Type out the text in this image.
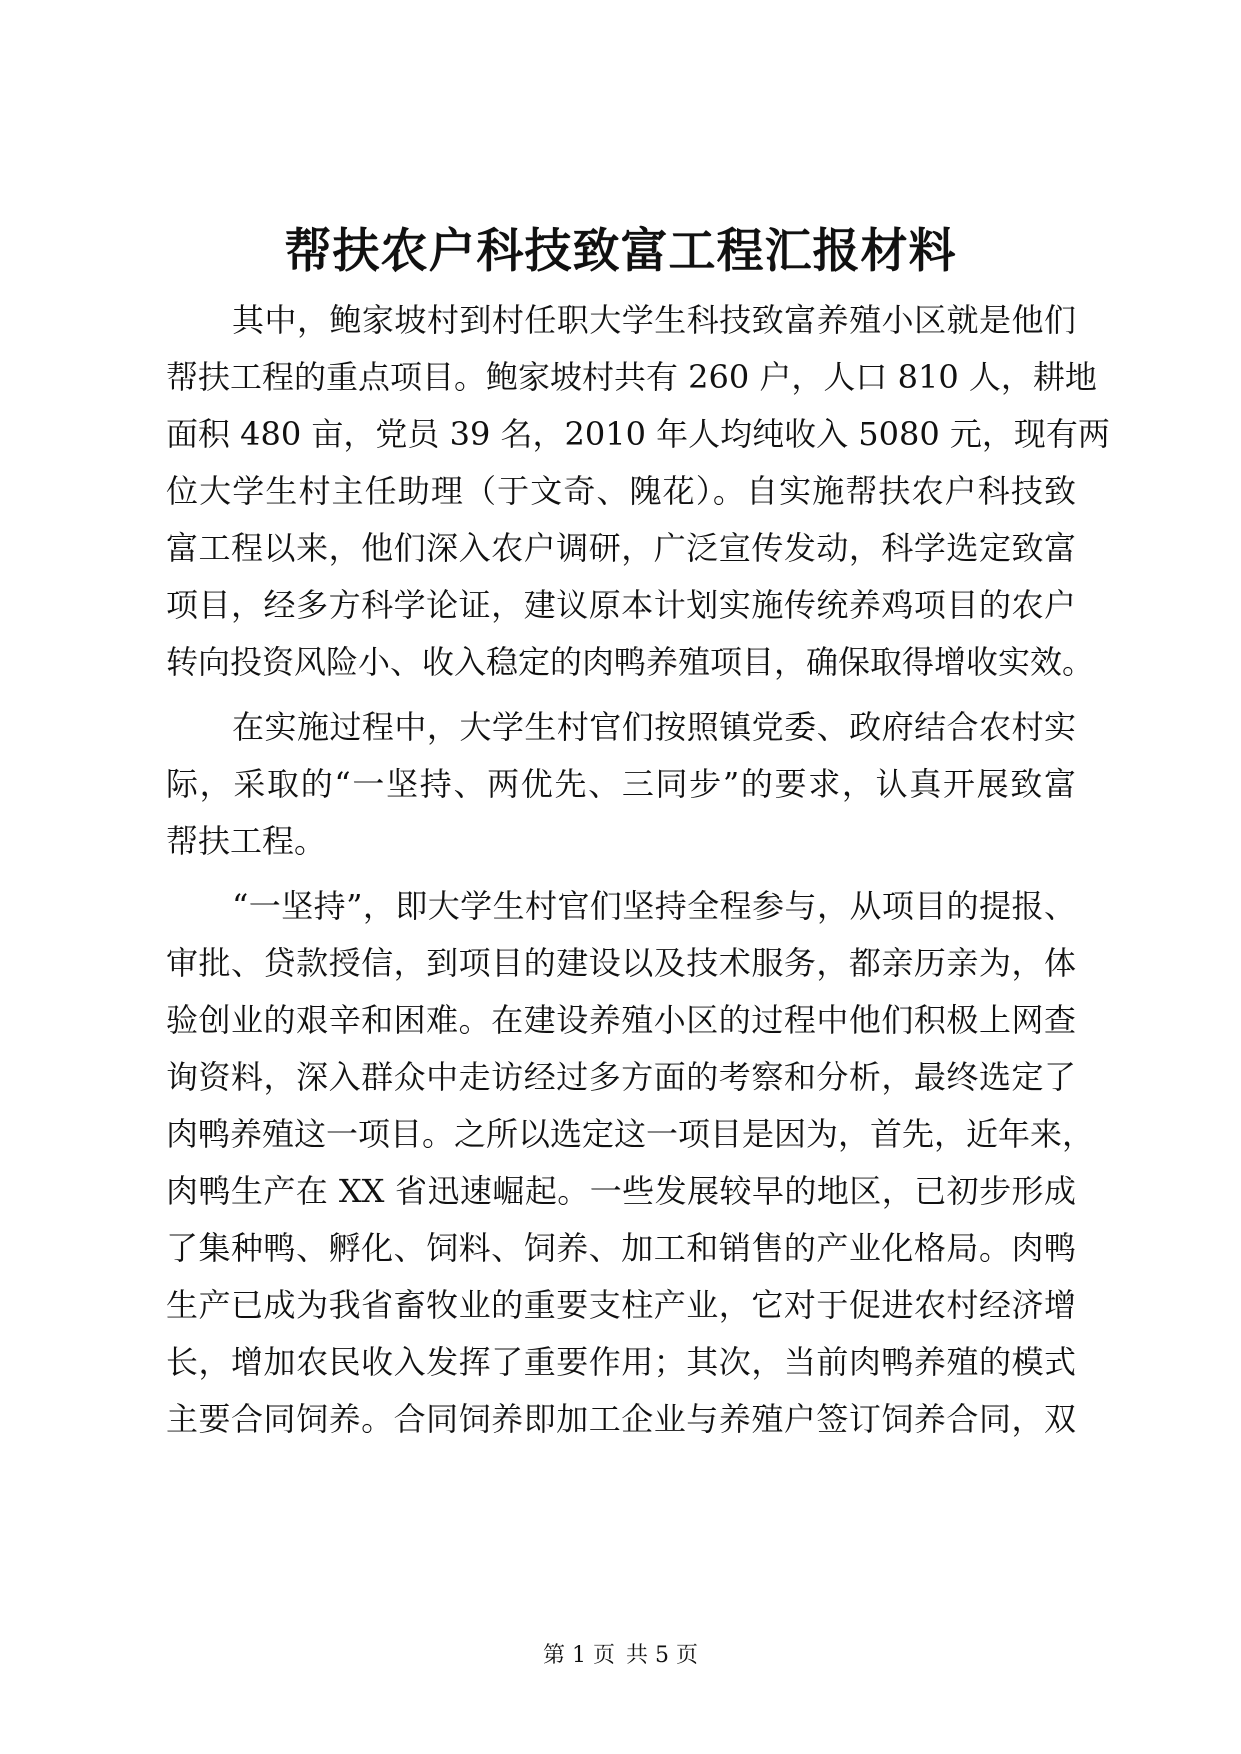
帮扶农户科技致富工程汇报材料
其中，鲍家坡村到村任职大学生科技致富养殖小区就是他们
帮扶工程的重点项目。鲍家坡村共有 260 户，人口 810 人，耕地
面积 480 亩，党员 39 名，2010 年人均纯收入 5080 元，现有两
位大学生村主任助理（于文奇、隗花）。自实施帮扶农户科技致
富工程以来，他们深入农户调研，广泛宣传发动，科学选定致富
项目，经多方科学论证，建议原本计划实施传统养鸡项目的农户
转向投资风险小、收入稳定的肉鸭养殖项目，确保取得增收实效。
在实施过程中，大学生村官们按照镇党委、政府结合农村实
际，采取的“一坚持、两优先、三同步”的要求，认真开展致富
帮扶工程。
“一坚持”，即大学生村官们坚持全程参与，从项目的提报、
审批、贷款授信，到项目的建设以及技术服务，都亲历亲为，体
验创业的艰辛和困难。在建设养殖小区的过程中他们积极上网查
询资料，深入群众中走访经过多方面的考察和分析，最终选定了
肉鸭养殖这一项目。之所以选定这一项目是因为，首先，近年来，
肉鸭生产在 XX 省迅速崛起。一些发展较早的地区，已初步形成
了集种鸭、孵化、饲料、饲养、加工和销售的产业化格局。肉鸭
生产已成为我省畜牧业的重要支柱产业，它对于促进农村经济增
长，增加农民收入发挥了重要作用；其次，当前肉鸭养殖的模式
主要合同饲养。合同饲养即加工企业与养殖户签订饲养合同，双
第 1 页 共 5 页
